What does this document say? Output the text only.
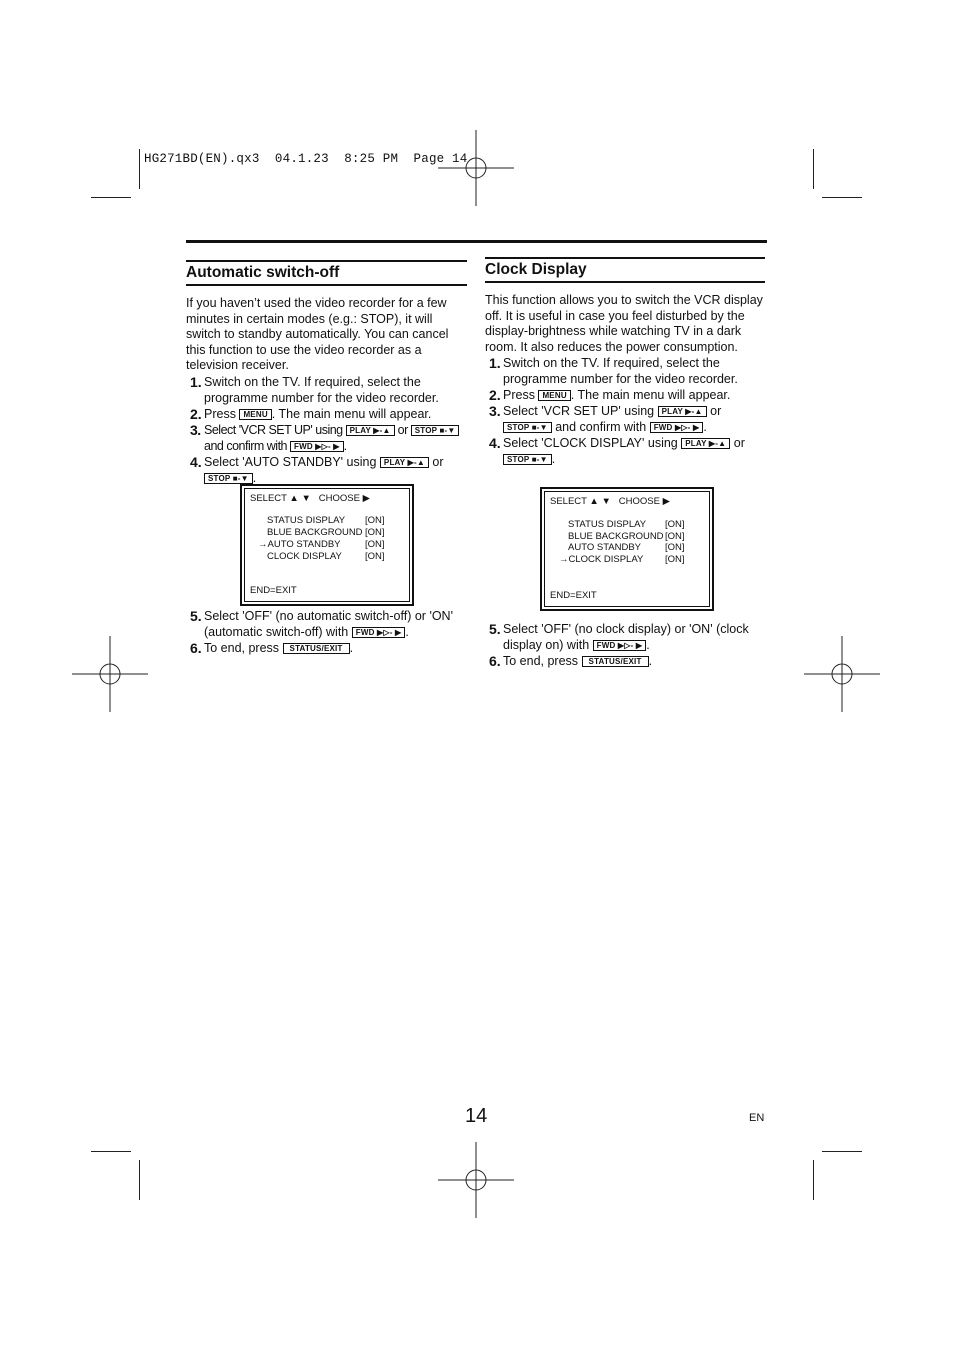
HG271BD(EN).qx3  04.1.23  8:25 PM  Page 14
Automatic switch-off

If you haven’t used the video recorder for a few minutes in certain modes (e.g.: STOP), it will switch to standby automatically. You can cancel this function to use the video recorder as a television receiver.

1. Switch on the TV. If required, select the programme number for the video recorder.
2. Press MENU . The main menu will appear.
3. Select 'VCR SET UP' using PLAY ▶-▲ or STOP ■-▼
and confirm with FWD ▶▷- ▶ .
4. Select 'AUTO STANDBY' using PLAY ▶-▲ or
STOP ■-▼ .
SELECT ▲ ▼   CHOOSE ▶
STATUS DISPLAY [ON]
BLUE BACKGROUND [ON]
→AUTO STANDBY	[ON]
CLOCK DISPLAY [ON]
END=EXIT
5. Select 'OFF' (no automatic switch-off) or 'ON' (automatic switch-off) with FWD ▶▷- ▶ .
6. To end, press STATUS/EXIT .
Clock Display

This function allows you to switch the VCR display off. It is useful in case you feel disturbed by the display-brightness while watching TV in a dark room. It also reduces the power consumption.

1. Switch on the TV. If required, select the programme number for the video recorder.
2. Press MENU . The main menu will appear.
3. Select 'VCR SET UP' using PLAY ▶-▲ or
STOP ■-▼ and confirm with FWD ▶▷- ▶ .
4. Select 'CLOCK DISPLAY' using PLAY ▶-▲ or
STOP ■-▼ .
SELECT ▲ ▼   CHOOSE ▶
STATUS DISPLAY [ON]
BLUE BACKGROUND [ON]
AUTO STANDBY	[ON]
→CLOCK DISPLAY [ON]
END=EXIT
5. Select 'OFF' (no clock display) or 'ON' (clock display on) with FWD ▶▷- ▶ .
6. To end, press STATUS/EXIT .
14	EN
